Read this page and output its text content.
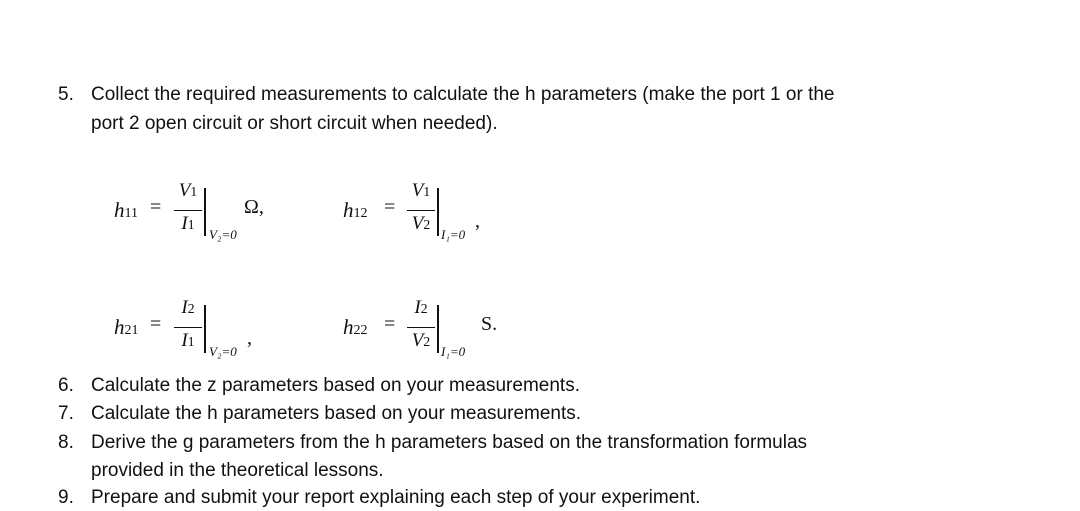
5. Collect the required measurements to calculate the h parameters (make the port 1 or the
port 2 open circuit or short circuit when needed).
h11 =
V1
I1
V₂=0
Ω,	h12 =
V1
V2
I₁=0
,
h21 =
I2
I1
V₂=0
,	h22 =
I2
V2
I₁=0
S.
6. Calculate the z parameters based on your measurements.
7. Calculate the h parameters based on your measurements.
8. Derive the g parameters from the h parameters based on the transformation formulas
provided in the theoretical lessons.
9. Prepare and submit your report explaining each step of your experiment.
